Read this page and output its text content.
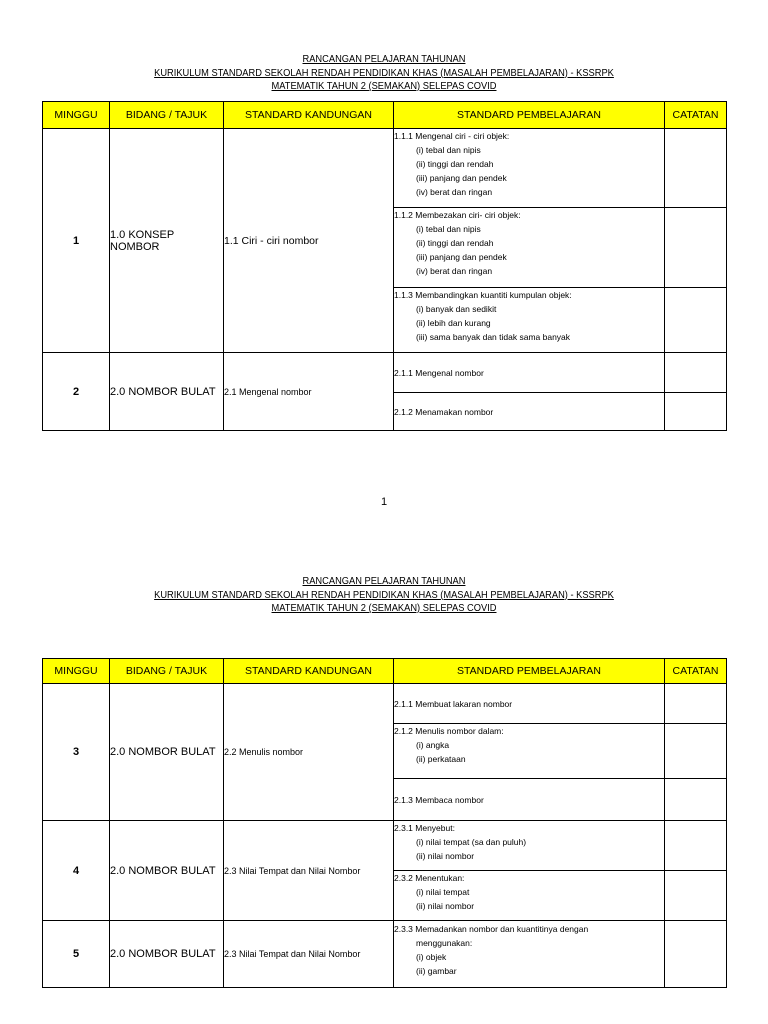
RANCANGAN PELAJARAN TAHUNAN
KURIKULUM STANDARD SEKOLAH RENDAH PENDIDIKAN KHAS (MASALAH PEMBELAJARAN) - KSSRPK
MATEMATIK TAHUN 2 (SEMAKAN) SELEPAS COVID
MINGGU	BIDANG / TAJUK	STANDARD KANDUNGAN	STANDARD PEMBELAJARAN	CATATAN
1	1.0 KONSEP NOMBOR	1.1 Ciri - ciri nombor	1.1.1 Mengenal ciri - ciri objek:
(i) tebal dan nipis
(ii) tinggi dan rendah
(iii) panjang dan pendek
(iv) berat dan ringan	

			1.1.2 Membezakan ciri- ciri objek:
(i) tebal dan nipis
(ii) tinggi dan rendah
(iii) panjang dan pendek
(iv) berat dan ringan	

			1.1.3 Membandingkan kuantiti kumpulan objek:
(i) banyak dan sedikit
(ii) lebih dan kurang
(iii) sama banyak dan tidak sama banyak	

2	2.0 NOMBOR BULAT	2.1 Mengenal nombor	2.1.1 Mengenal nombor	

			2.1.2 Menamakan nombor	

1
RANCANGAN PELAJARAN TAHUNAN
KURIKULUM STANDARD SEKOLAH RENDAH PENDIDIKAN KHAS (MASALAH PEMBELAJARAN) - KSSRPK
MATEMATIK TAHUN 2 (SEMAKAN) SELEPAS COVID
MINGGU	BIDANG / TAJUK	STANDARD KANDUNGAN	STANDARD PEMBELAJARAN	CATATAN
3	2.0 NOMBOR BULAT	2.2 Menulis nombor	2.1.1 Membuat lakaran nombor	

			2.1.2 Menulis nombor dalam:
(i) angka
(ii) perkataan	

			2.1.3 Membaca nombor	

4	2.0 NOMBOR BULAT	2.3 Nilai Tempat dan Nilai Nombor	2.3.1 Menyebut:
(i) nilai tempat (sa dan puluh)
(ii) nilai nombor	

			2.3.2 Menentukan:
(i) nilai tempat
(ii) nilai nombor	

5	2.0 NOMBOR BULAT	2.3 Nilai Tempat dan Nilai Nombor	2.3.3 Memadankan nombor dan kuantitinya dengan
menggunakan:
(i) objek
(ii) gambar	
